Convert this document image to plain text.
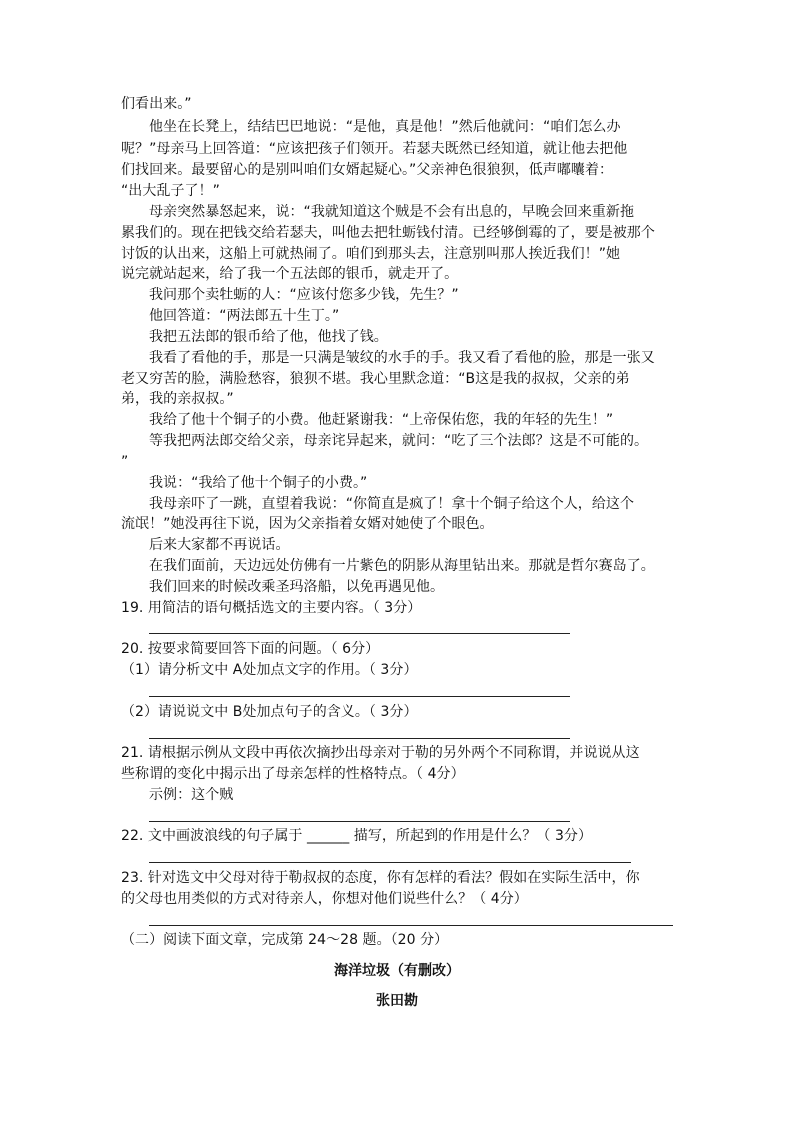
们看出来。”
他坐在长凳上，结结巴巴地说：“是他，真是他！”然后他就问：“咱们怎么办
呢？”母亲马上回答道：“应该把孩子们领开。若瑟夫既然已经知道，就让他去把他
们找回来。最要留心的是别叫咱们女婿起疑心。”父亲神色很狼狈，低声嘟囔着：
“出大乱子了！”
母亲突然暴怒起来，说：“我就知道这个贼是不会有出息的，早晚会回来重新拖
累我们的。现在把钱交给若瑟夫，叫他去把牡蛎钱付清。已经够倒霉的了，要是被那个
讨饭的认出来，这船上可就热闹了。咱们到那头去，注意别叫那人挨近我们！”她
说完就站起来，给了我一个五法郎的银币，就走开了。
我问那个卖牡蛎的人：“应该付您多少钱，先生？”
他回答道：“两法郎五十生丁。”
我把五法郎的银币给了他，他找了钱。
我看了看他的手，那是一只满是皱纹的水手的手。我又看了看他的脸，那是一张又
老又穷苦的脸，满脸愁容，狼狈不堪。我心里默念道：“B这是我的叔叔，父亲的弟
弟，我的亲叔叔。”
我给了他十个铜子的小费。他赶紧谢我：“上帝保佑您，我的年轻的先生！”
等我把两法郎交给父亲，母亲诧异起来，就问：“吃了三个法郎？这是不可能的。
”
我说：“我给了他十个铜子的小费。”
我母亲吓了一跳，直望着我说：“你简直是疯了！拿十个铜子给这个人，给这个
流氓！”她没再往下说，因为父亲指着女婿对她使了个眼色。
后来大家都不再说话。
在我们面前，天边远处仿佛有一片紫色的阴影从海里钻出来。那就是哲尔赛岛了。
我们回来的时候改乘圣玛洛船，以免再遇见他。
19. 用简洁的语句概括选文的主要内容。（ 3分）
20. 按要求简要回答下面的问题。（ 6分）
（1）请分析文中 A处加点文字的作用。（ 3分）
（2）请说说文中 B处加点句子的含义。（ 3分）
21. 请根据示例从文段中再依次摘抄出母亲对于勒的另外两个不同称谓，并说说从这
些称谓的变化中揭示出了母亲怎样的性格特点。（ 4分）
示例：这个贼
22. 文中画波浪线的句子属于 ______ 描写，所起到的作用是什么？（ 3分）
23. 针对选文中父母对待于勒叔叔的态度，你有怎样的看法？假如在实际生活中，你
的父母也用类似的方式对待亲人，你想对他们说些什么？（ 4分）
（二）阅读下面文章，完成第 24～28 题。（20 分）
海洋垃圾（有删改）
张田勘
